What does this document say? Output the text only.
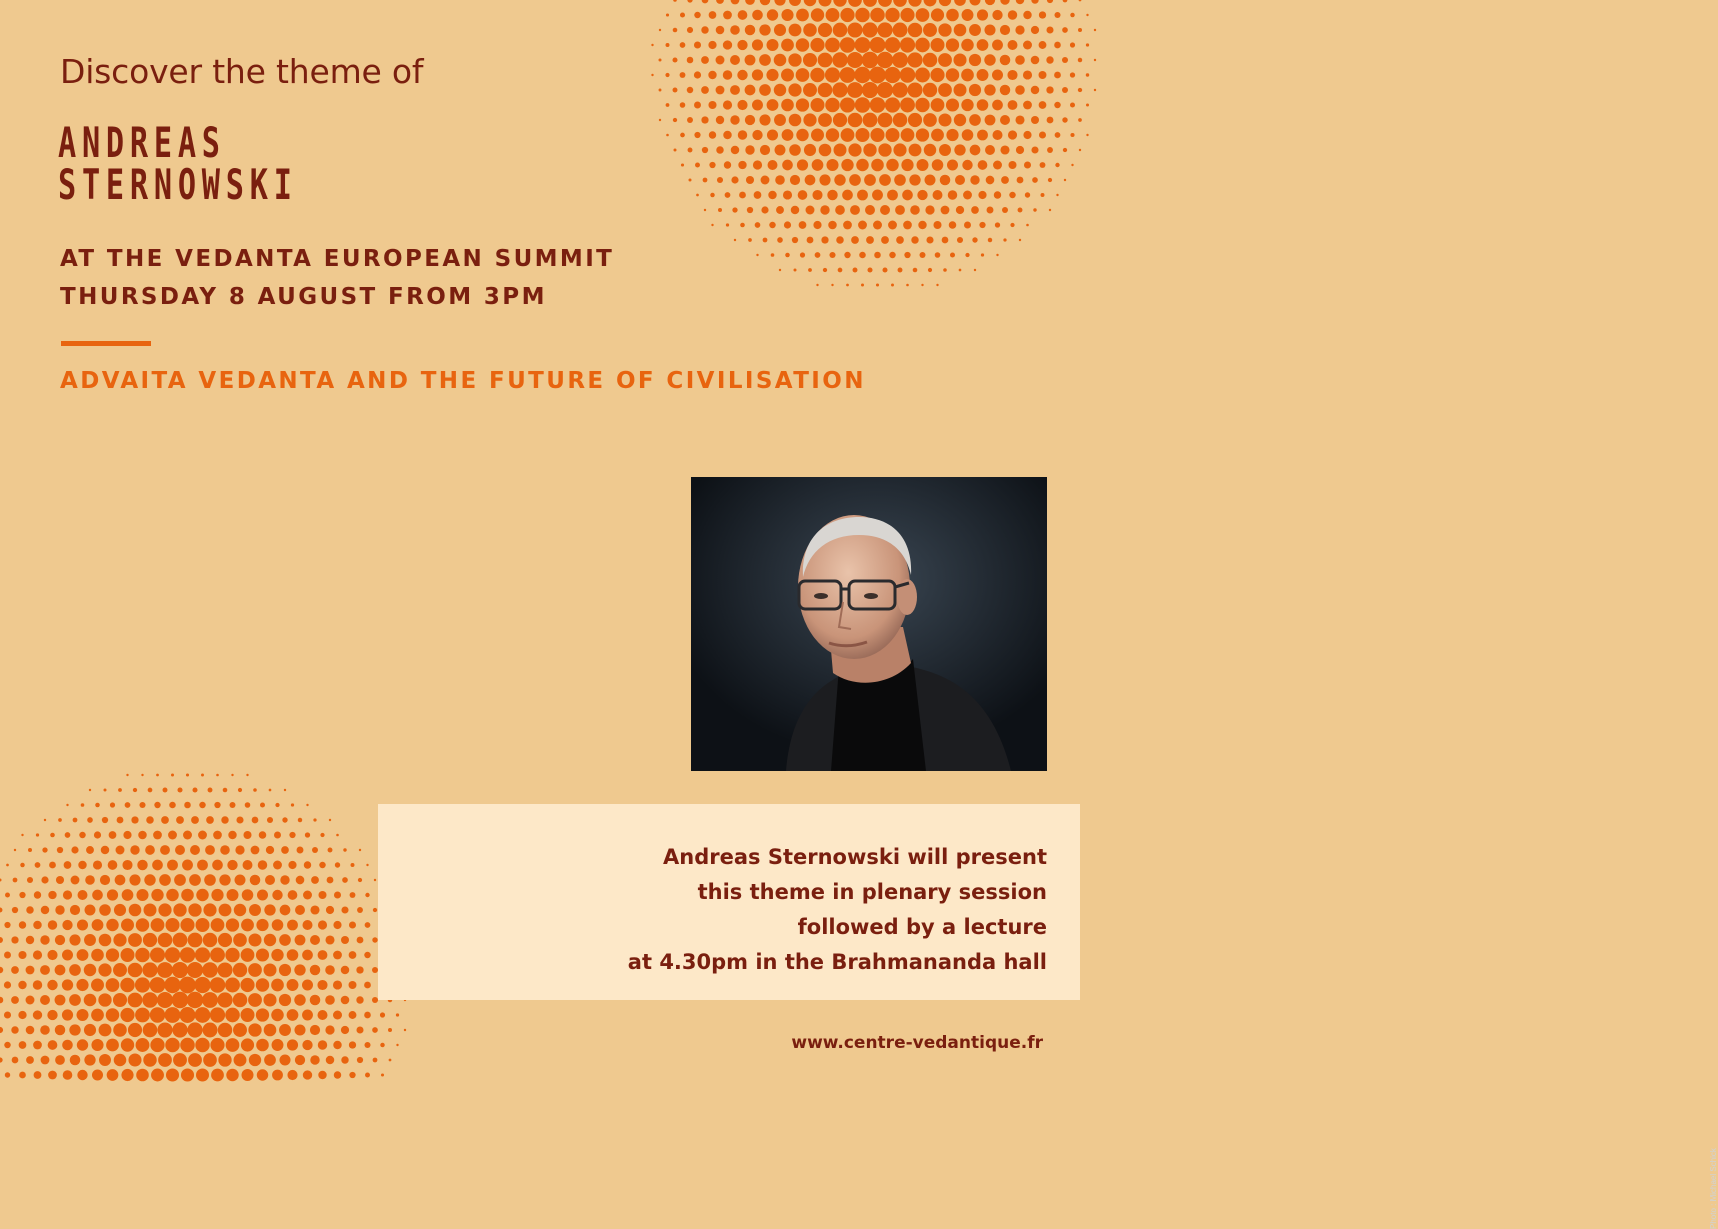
Discover the theme of
ANDREAS
STERNOWSKI
AT THE VEDANTA EUROPEAN SUMMIT
THURSDAY 8 AUGUST FROM 3PM
ADVAITA VEDANTA AND THE FUTURE OF CIVILISATION
Photo : Michael Schick
Andreas Sternowski will present
this theme in plenary session
followed by a lecture
at 4.30pm in the Brahmananda hall
www.centre-vedantique.fr
